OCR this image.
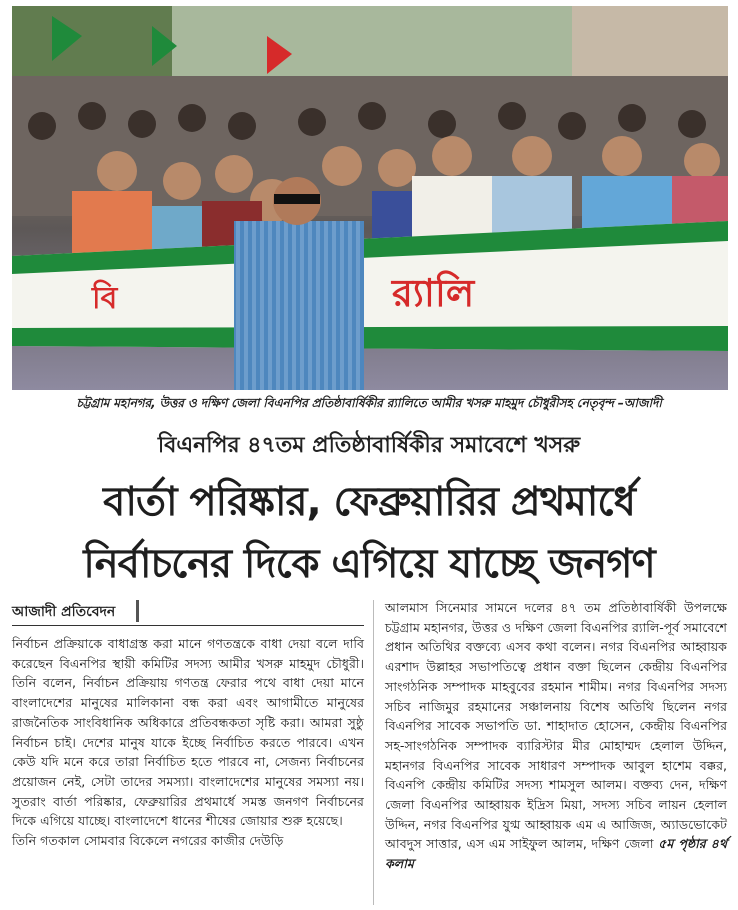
র‍্যালি
বি
চট্টগ্রাম মহানগর, উত্তর ও দক্ষিণ জেলা বিএনপির প্রতিষ্ঠাবার্ষিকীর র‍্যালিতে আমীর খসরু মাহমুদ চৌধুরীসহ নেতৃবৃন্দ –আজাদী
বিএনপির ৪৭তম প্রতিষ্ঠাবার্ষিকীর সমাবেশে খসরু
বার্তা পরিষ্কার, ফেব্রুয়ারির প্রথমার্ধে
নির্বাচনের দিকে এগিয়ে যাচ্ছে জনগণ
আজাদী প্রতিবেদন

নির্বাচন প্রক্রিয়াকে বাধাগ্রস্ত করা মানে গণতন্ত্রকে বাধা দেয়া বলে দাবি করেছেন বিএনপির স্থায়ী কমিটির সদস্য আমীর খসরু মাহমুদ চৌধুরী। তিনি বলেন, নির্বাচন প্রক্রিয়ায় গণতন্ত্র ফেরার পথে বাধা দেয়া মানে বাংলাদেশের মানুষের মালিকানা বন্ধ করা এবং আগামীতে মানুষের রাজনৈতিক সাংবিধানিক অধিকারে প্রতিবন্ধকতা সৃষ্টি করা। আমরা সুষ্ঠু নির্বাচন চাই। দেশের মানুষ যাকে ইচ্ছে নির্বাচিত করতে পারবে। এখন কেউ যদি মনে করে তারা নির্বাচিত হতে পারবে না, সেজন্য নির্বাচনের প্রয়োজন নেই, সেটা তাদের সমস্যা। বাংলাদেশের মানুষের সমস্যা নয়। সুতরাং বার্তা পরিষ্কার, ফেব্রুয়ারির প্রথমার্ধে সমস্ত জনগণ নির্বাচনের দিকে এগিয়ে যাচ্ছে। বাংলাদেশে ধানের শীষের জোয়ার শুরু হয়েছে।

তিনি গতকাল সোমবার বিকেলে নগরের কাজীর দেউড়ি

আলমাস সিনেমার সামনে দলের ৪৭ তম প্রতিষ্ঠাবার্ষিকী উপলক্ষে চট্টগ্রাম মহানগর, উত্তর ও দক্ষিণ জেলা বিএনপির র‍্যালি-পূর্ব সমাবেশে প্রধান অতিথির বক্তব্যে এসব কথা বলেন। নগর বিএনপির আহ্বায়ক এরশাদ উল্লাহর সভাপতিত্বে প্রধান বক্তা ছিলেন কেন্দ্রীয় বিএনপির সাংগঠনিক সম্পাদক মাহবুবের রহমান শামীম। নগর বিএনপির সদস্য সচিব নাজিমুর রহমানের সঞ্চালনায় বিশেষ অতিথি ছিলেন নগর বিএনপির সাবেক সভাপতি ডা. শাহাদাত হোসেন, কেন্দ্রীয় বিএনপির সহ-সাংগঠনিক সম্পাদক ব্যারিস্টার মীর মোহাম্মদ হেলাল উদ্দিন, মহানগর বিএনপির সাবেক সাধারণ সম্পাদক আবুল হাশেম বক্কর, বিএনপি কেন্দ্রীয় কমিটির সদস্য শামসুল আলম। বক্তব্য দেন, দক্ষিণ জেলা বিএনপির আহ্বায়ক ইদ্রিস মিয়া, সদস্য সচিব লায়ন হেলাল উদ্দিন, নগর বিএনপির যুগ্ম আহ্বায়ক এম এ আজিজ, অ্যাডভোকেট আবদুস সাত্তার, এস এম সাইফুল আলম, দক্ষিণ জেলা ৫ম পৃষ্ঠার ৪র্থ কলাম
